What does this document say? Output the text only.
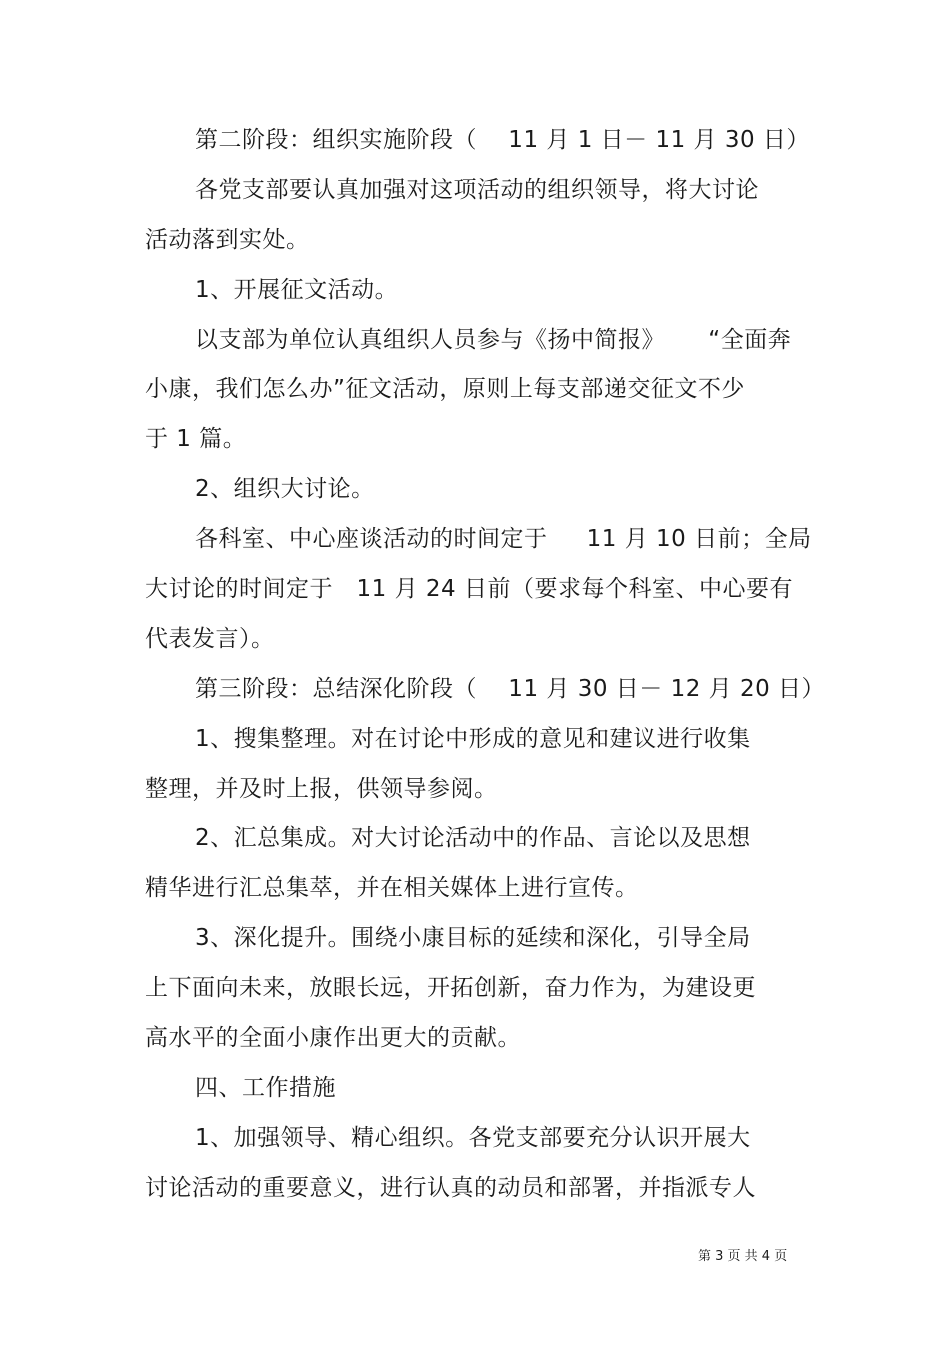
第二阶段：组织实施阶段（　 11 月 1 日－ 11 月 30 日）
各党支部要认真加强对这项活动的组织领导，将大讨论
活动落到实处。
1、开展征文活动。
以支部为单位认真组织人员参与《扬中简报》　　 “全面奔
小康，我们怎么办”征文活动，原则上每支部递交征文不少
于 1 篇。
2、组织大讨论。
各科室、中心座谈活动的时间定于　  11 月 10 日前；全局
大讨论的时间定于　11 月 24 日前（要求每个科室、中心要有
代表发言）。
第三阶段：总结深化阶段（　 11 月 30 日－ 12 月 20 日）
1、搜集整理。对在讨论中形成的意见和建议进行收集
整理，并及时上报，供领导参阅。
2、汇总集成。对大讨论活动中的作品、言论以及思想
精华进行汇总集萃，并在相关媒体上进行宣传。
3、深化提升。围绕小康目标的延续和深化，引导全局
上下面向未来，放眼长远，开拓创新，奋力作为，为建设更
高水平的全面小康作出更大的贡献。
四、工作措施
1、加强领导、精心组织。各党支部要充分认识开展大
讨论活动的重要意义，进行认真的动员和部署，并指派专人
第 3 页 共 4 页
